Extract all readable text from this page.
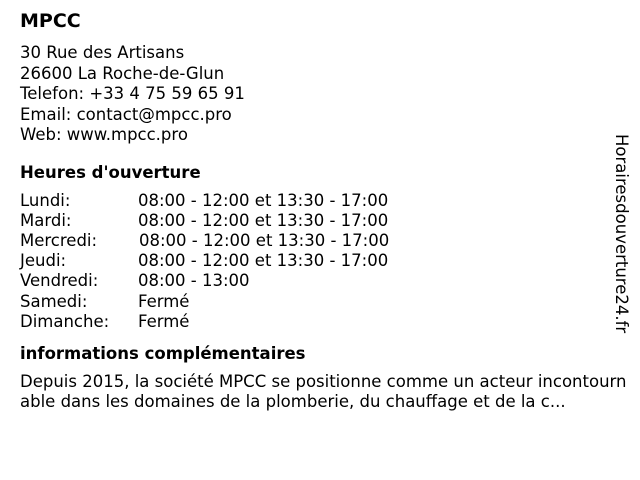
MPCC
30 Rue des Artisans
26600 La Roche-de-Glun
Telefon: +33 4 75 59 65 91
Email: contact@mpcc.pro
Web: www.mpcc.pro
Heures d'ouverture
Lundi:	08:00 - 12:00 et 13:30 - 17:00
Mardi:	08:00 - 12:00 et 13:30 - 17:00
Mercredi:	08:00 - 12:00 et 13:30 - 17:00
Jeudi:	08:00 - 12:00 et 13:30 - 17:00
Vendredi:	08:00 - 13:00
Samedi:	Fermé
Dimanche:	Fermé
informations complémentaires
Depuis 2015, la société MPCC se positionne comme un acteur incontournable dans les domaines de la plomberie, du chauffage et de la c...
Horairesdouverture24.fr
